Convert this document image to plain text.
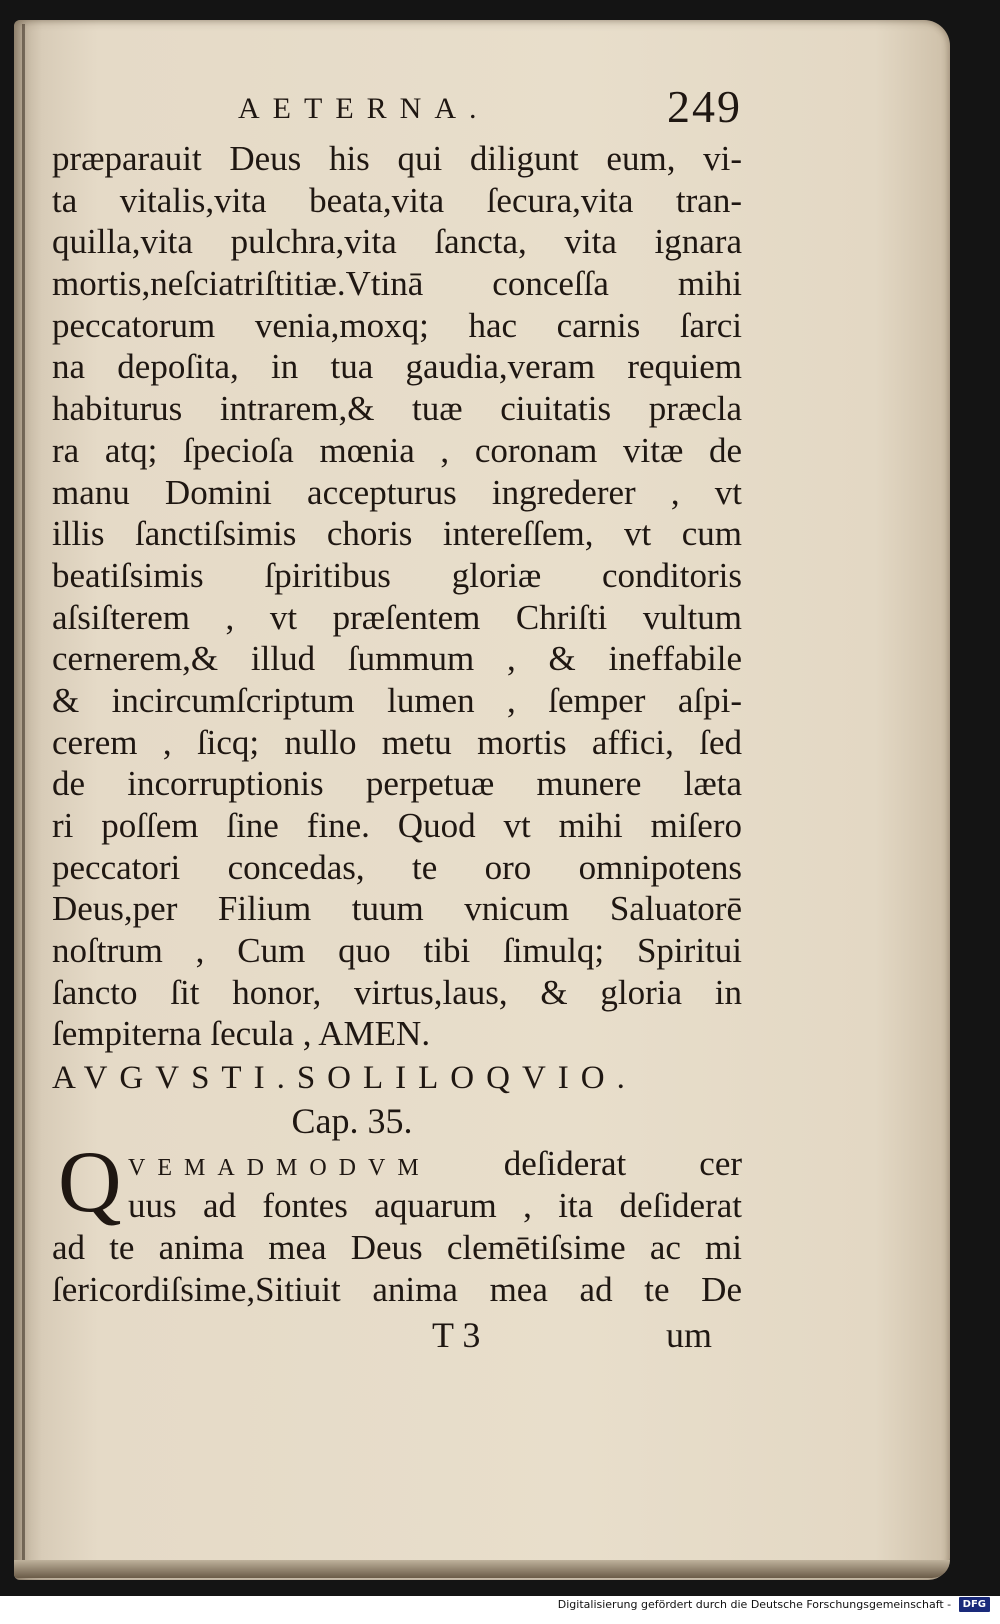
AETERNA.	249
præparauit Deus his qui diligunt eum, vi-
ta vitalis,vita beata,vita ſecura,vita tran-
quilla,vita pulchra,vita ſancta, vita ignara
mortis,neſciatriſtitiæ.Vtinā conceſſa mihi
peccatorum venia,moxq; hac carnis ſarci
na depoſita, in tua gaudia,veram requiem
habiturus intrarem,& tuæ ciuitatis præcla
ra atq; ſpecioſa mœnia , coronam vitæ de
manu Domini accepturus ingrederer , vt
illis ſanctiſsimis choris intereſſem, vt cum
beatiſsimis ſpiritibus gloriæ conditoris
aſsiſterem , vt præſentem Chriſti vultum
cernerem,& illud ſummum , & ineffabile
& incircumſcriptum lumen , ſemper aſpi-
cerem , ſicq; nullo metu mortis affici, ſed
de incorruptionis perpetuæ munere læta
ri poſſem ſine fine. Quod vt mihi miſero
peccatori concedas, te oro omnipotens
Deus,per Filium tuum vnicum Saluatorē
noſtrum , Cum quo tibi ſimulq; Spiritui
ſancto ſit honor, virtus,laus, & gloria in
ſempiterna ſecula , AMEN.
AVGVSTI.SOLILOQVIO.
Cap. 35.
Q VEMADMODVM deſiderat cer
uus ad fontes aquarum , ita deſiderat
ad te anima mea Deus clemētiſsime ac mi
ſericordiſsime,Sitiuit anima mea ad te De
T 3	um
Digitalisierung gefördert durch die Deutsche Forschungsgemeinschaft - DFG
